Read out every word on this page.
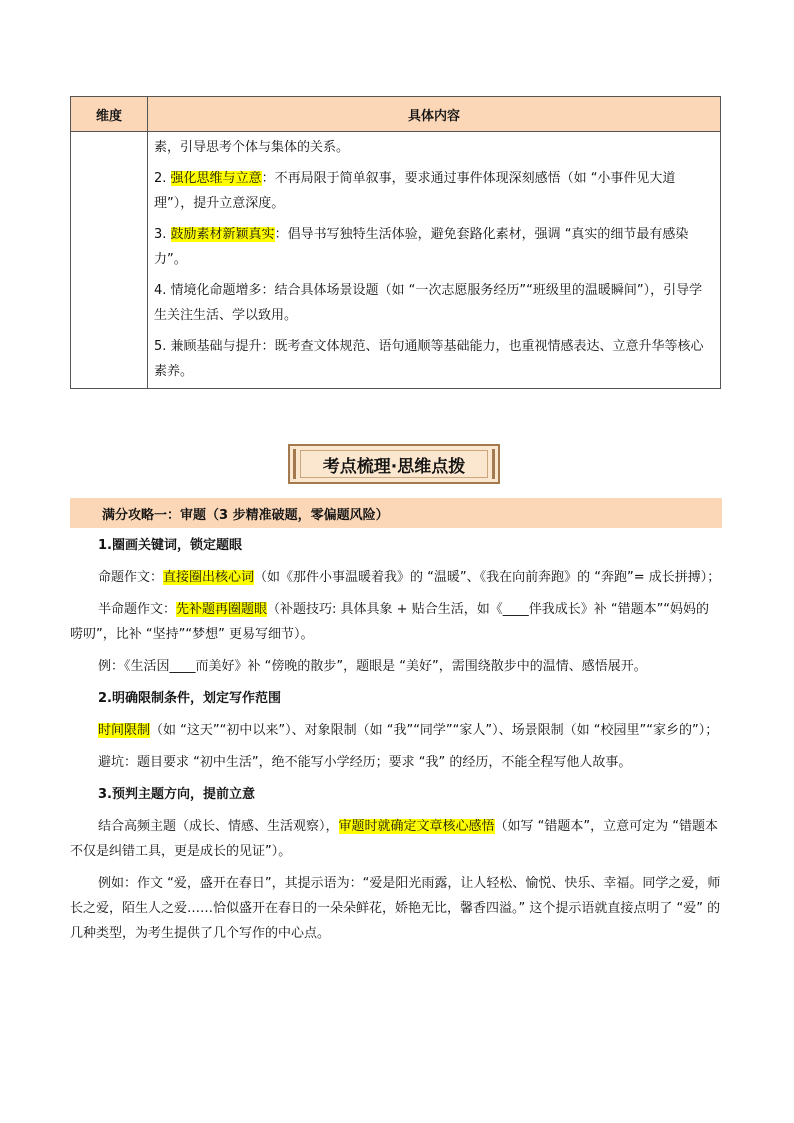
维度	具体内容

	素，引导思考个体与集体的关系。

2. 强化思维与立意：不再局限于简单叙事，要求通过事件体现深刻感悟（如 “小事件见大道理”），提升立意深度。

3. 鼓励素材新颖真实：倡导书写独特生活体验，避免套路化素材，强调 “真实的细节最有感染力”。

4. 情境化命题增多：结合具体场景设题（如 “一次志愿服务经历”“班级里的温暖瞬间”），引导学生关注生活、学以致用。

5. 兼顾基础与提升：既考查文体规范、语句通顺等基础能力，也重视情感表达、立意升华等核心素养。

考点梳理·思维点拨
满分攻略一：审题（3 步精准破题，零偏题风险）
1.圈画关键词，锁定题眼

命题作文：直接圈出核心词（如《那件小事温暖着我》的 “温暖”、《我在向前奔跑》的 “奔跑”= 成长拼搏）；

半命题作文：先补题再圈题眼（补题技巧: 具体具象 + 贴合生活，如《____伴我成长》补 “错题本”“妈妈的唠叨”，比补 “坚持”“梦想” 更易写细节）。

例：《生活因____而美好》补 “傍晚的散步”，题眼是 “美好”，需围绕散步中的温情、感悟展开。

2.明确限制条件，划定写作范围

时间限制（如 “这天”“初中以来”）、对象限制（如 “我”“同学”“家人”）、场景限制（如 “校园里”“家乡的”）；

避坑：题目要求 “初中生活”，绝不能写小学经历；要求 “我” 的经历，不能全程写他人故事。

3.预判主题方向，提前立意

结合高频主题（成长、情感、生活观察），审题时就确定文章核心感悟（如写 “错题本”，立意可定为 “错题本不仅是纠错工具，更是成长的见证”）。

例如：作文 “爱，盛开在春日”，其提示语为：“爱是阳光雨露，让人轻松、愉悦、快乐、幸福。同学之爱，师长之爱，陌生人之爱……恰似盛开在春日的一朵朵鲜花，娇艳无比，馨香四溢。” 这个提示语就直接点明了 “爱” 的几种类型，为考生提供了几个写作的中心点。
